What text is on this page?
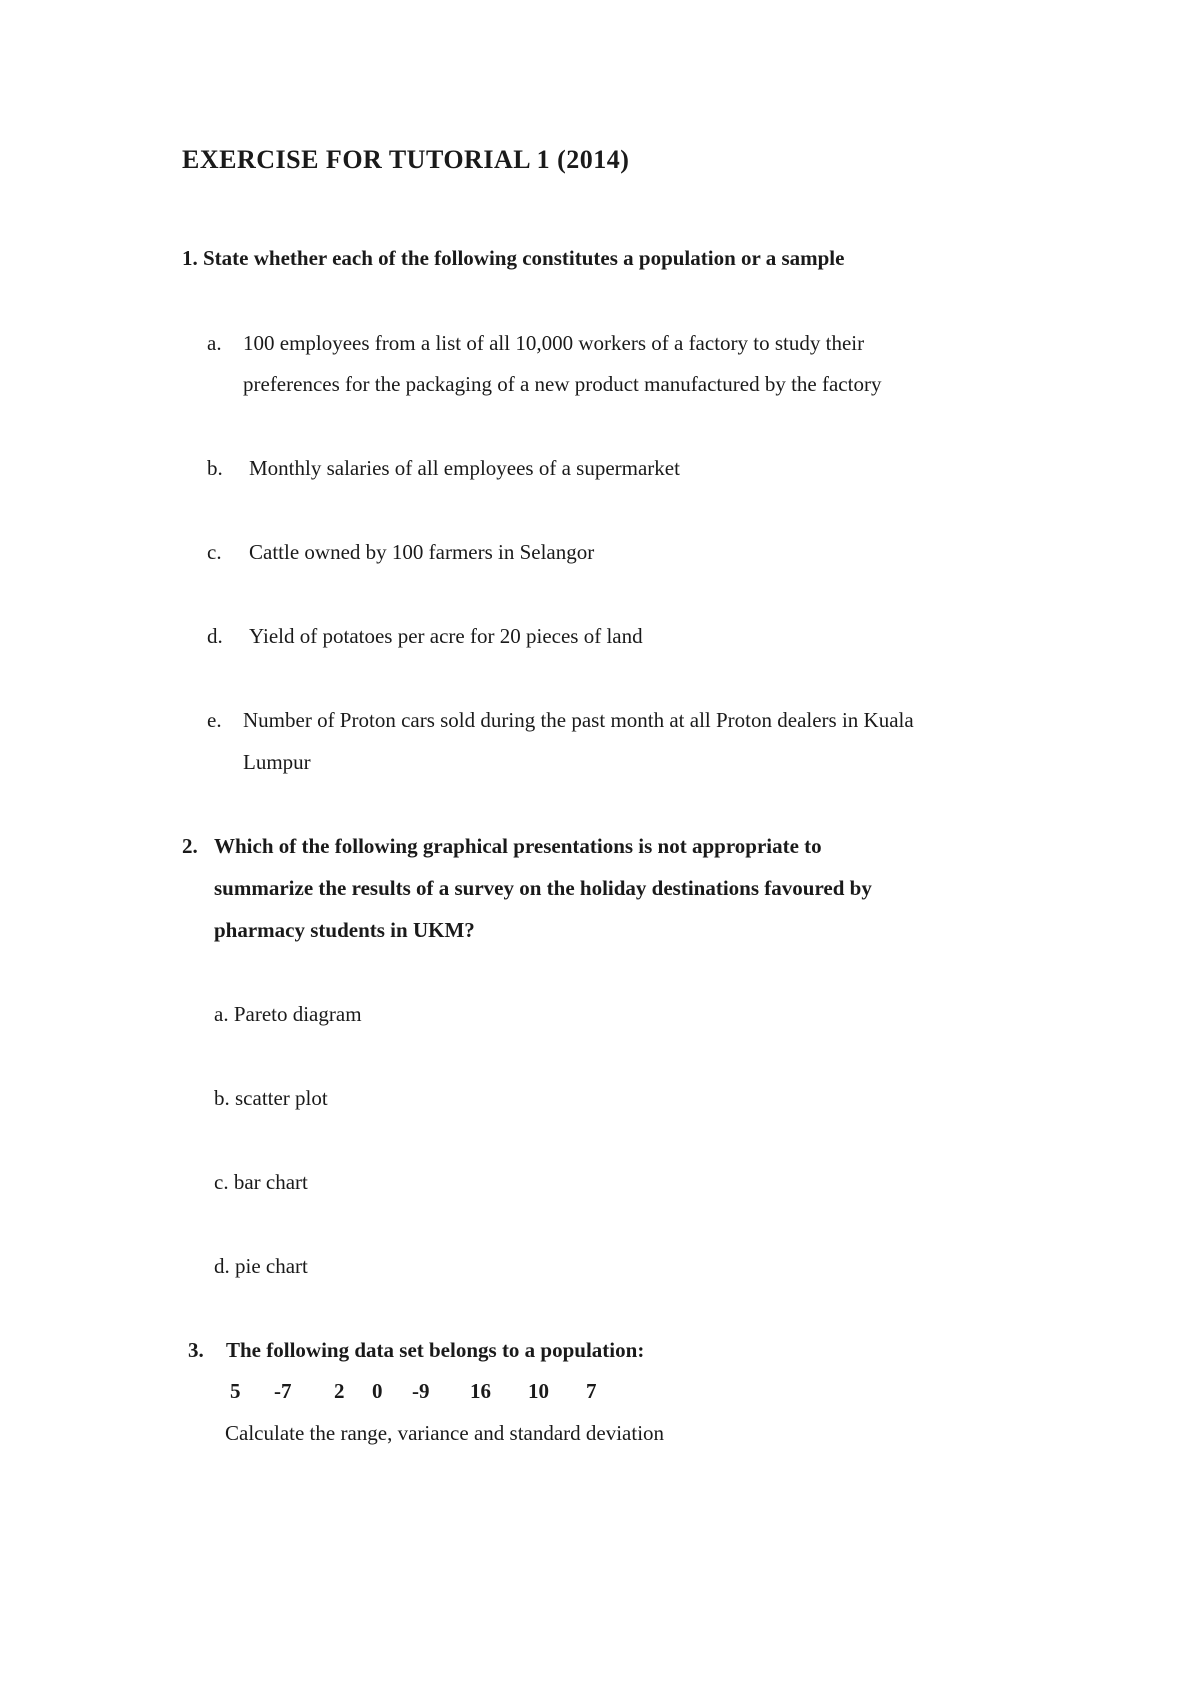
EXERCISE FOR TUTORIAL 1 (2014)
1. State whether each of the following constitutes a population or a sample
a. 100 employees from a list of all 10,000 workers of a factory to study their
preferences for the packaging of a new product manufactured by the factory
b. Monthly salaries of all employees of a supermarket
c. Cattle owned by 100 farmers in Selangor
d. Yield of potatoes per acre for 20 pieces of land
e. Number of Proton cars sold during the past month at all Proton dealers in Kuala
Lumpur
2. Which of the following graphical presentations is not appropriate to
summarize the results of a survey on the holiday destinations favoured by
pharmacy students in UKM?
a. Pareto diagram
b. scatter plot
c. bar chart
d. pie chart
3. The following data set belongs to a population:
5 -7 2 0 -9 16 10 7
Calculate the range, variance and standard deviation
